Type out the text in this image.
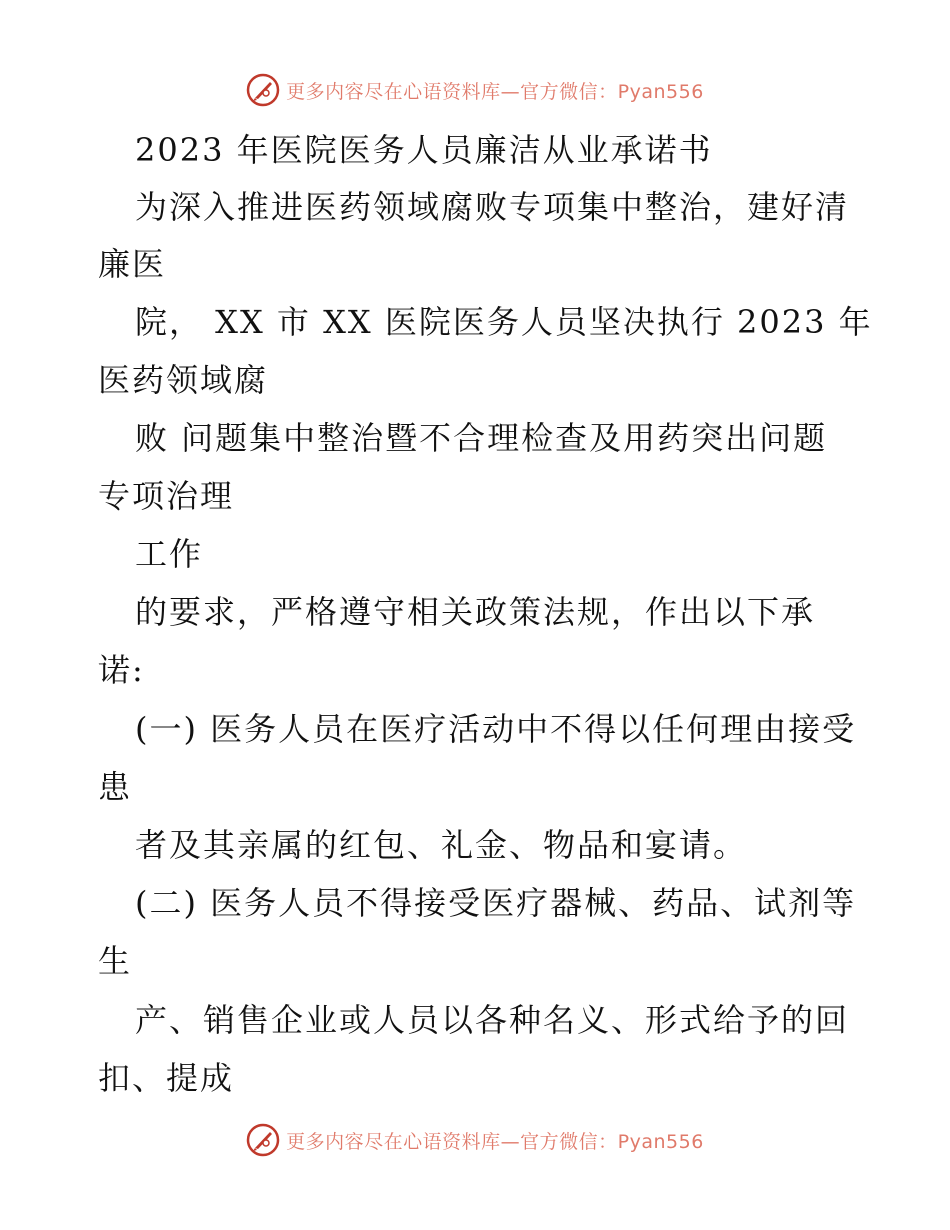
更多内容尽在心语资料库—官方微信：Pyan556
2023 年医院医务人员廉洁从业承诺书
为深入推进医药领域腐败专项集中整治，建好清
廉医
院， XX 市 XX 医院医务人员坚决执行 2023 年
医药领域腐
败 问题集中整治暨不合理检查及用药突出问题
专项治理
工作
的要求，严格遵守相关政策法规，作出以下承
诺:
(一) 医务人员在医疗活动中不得以任何理由接受
患
者及其亲属的红包、礼金、物品和宴请。
(二) 医务人员不得接受医疗器械、药品、试剂等
生
产、销售企业或人员以各种名义、形式给予的回
扣、提成
更多内容尽在心语资料库—官方微信：Pyan556
